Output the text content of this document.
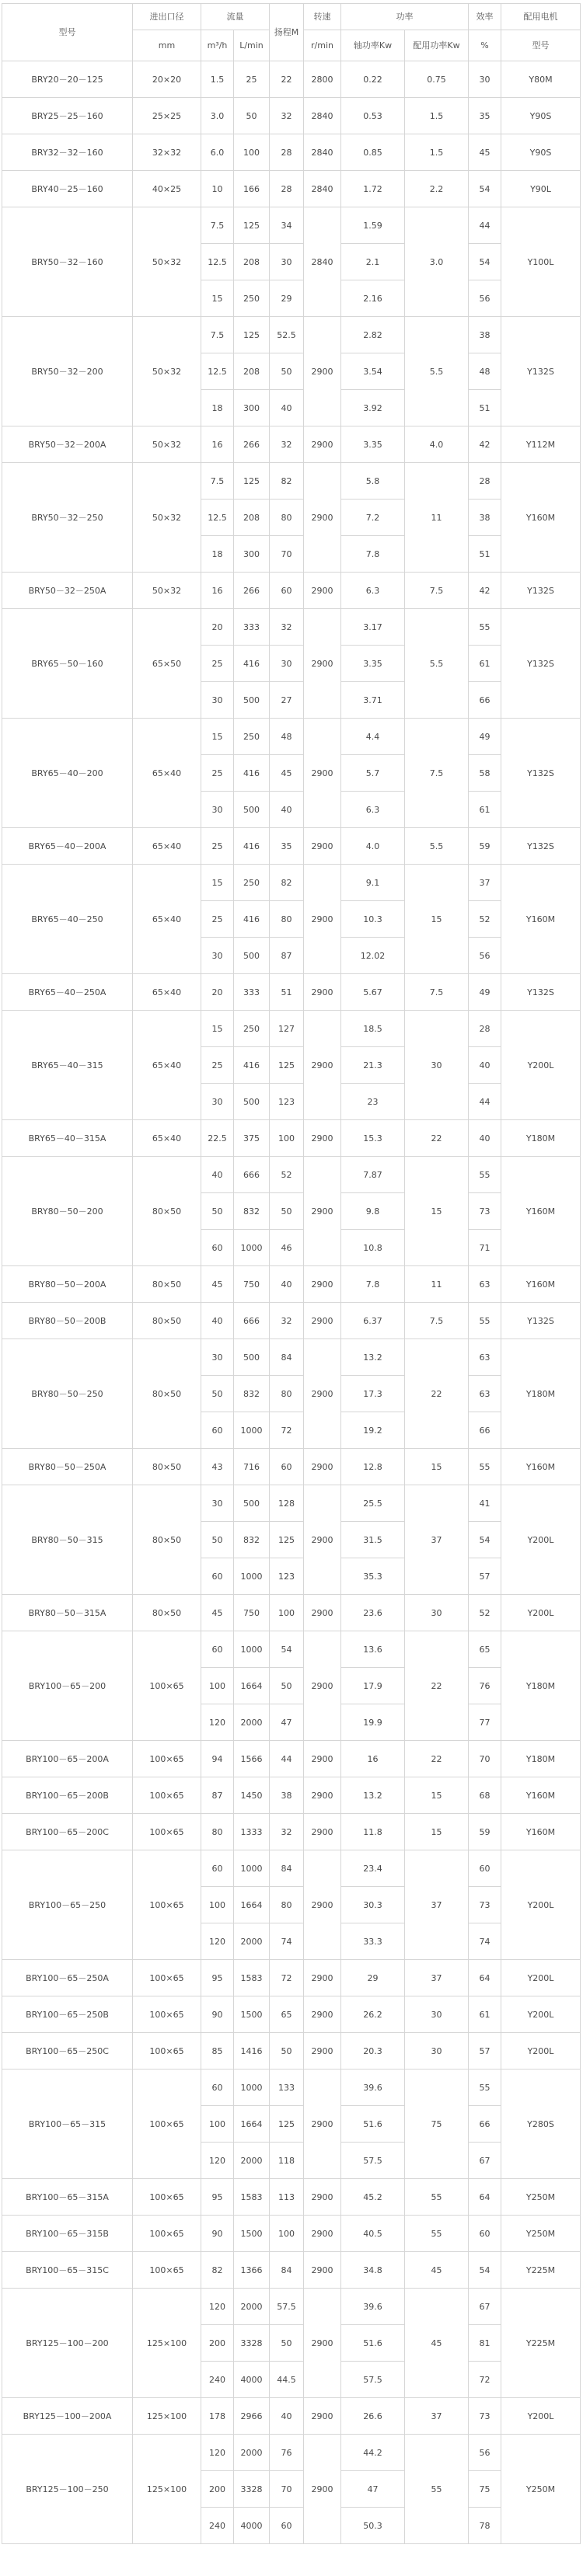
型号	进出口径	流量		扬程M	转速	功率		效率	配用电机
	mm	m³/h	L/min		r/min	轴功率Kw	配用功率Kw	%	型号
BRY20－20－125	20×20	1.5	25	22	2800	0.22	0.75	30	Y80M
BRY25－25－160	25×25	3.0	50	32	2840	0.53	1.5	35	Y90S
BRY32－32－160	32×32	6.0	100	28	2840	0.85	1.5	45	Y90S
BRY40－25－160	40×25	10	166	28	2840	1.72	2.2	54	Y90L
BRY50－32－160	50×32	7.5	125	34	2840	1.59	3.0	44	Y100L
		12.5	208	30		2.1		54	
		15	250	29		2.16		56	
BRY50－32－200	50×32	7.5	125	52.5	2900	2.82	5.5	38	Y132S
		12.5	208	50		3.54		48	
		18	300	40		3.92		51	
BRY50－32－200A	50×32	16	266	32	2900	3.35	4.0	42	Y112M
BRY50－32－250	50×32	7.5	125	82	2900	5.8	11	28	Y160M
		12.5	208	80		7.2		38	
		18	300	70		7.8		51	
BRY50－32－250A	50×32	16	266	60	2900	6.3	7.5	42	Y132S
BRY65－50－160	65×50	20	333	32	2900	3.17	5.5	55	Y132S
		25	416	30		3.35		61	
		30	500	27		3.71		66	
BRY65－40－200	65×40	15	250	48	2900	4.4	7.5	49	Y132S
		25	416	45		5.7		58	
		30	500	40		6.3		61	
BRY65－40－200A	65×40	25	416	35	2900	4.0	5.5	59	Y132S
BRY65－40－250	65×40	15	250	82	2900	9.1	15	37	Y160M
		25	416	80		10.3		52	
		30	500	87		12.02		56	
BRY65－40－250A	65×40	20	333	51	2900	5.67	7.5	49	Y132S
BRY65－40－315	65×40	15	250	127	2900	18.5	30	28	Y200L
		25	416	125		21.3		40	
		30	500	123		23		44	
BRY65－40－315A	65×40	22.5	375	100	2900	15.3	22	40	Y180M
BRY80－50－200	80×50	40	666	52	2900	7.87	15	55	Y160M
		50	832	50		9.8		73	
		60	1000	46		10.8		71	
BRY80－50－200A	80×50	45	750	40	2900	7.8	11	63	Y160M
BRY80－50－200B	80×50	40	666	32	2900	6.37	7.5	55	Y132S
BRY80－50－250	80×50	30	500	84	2900	13.2	22	63	Y180M
		50	832	80		17.3		63	
		60	1000	72		19.2		66	
BRY80－50－250A	80×50	43	716	60	2900	12.8	15	55	Y160M
BRY80－50－315	80×50	30	500	128	2900	25.5	37	41	Y200L
		50	832	125		31.5		54	
		60	1000	123		35.3		57	
BRY80－50－315A	80×50	45	750	100	2900	23.6	30	52	Y200L
BRY100－65－200	100×65	60	1000	54	2900	13.6	22	65	Y180M
		100	1664	50		17.9		76	
		120	2000	47		19.9		77	
BRY100－65－200A	100×65	94	1566	44	2900	16	22	70	Y180M
BRY100－65－200B	100×65	87	1450	38	2900	13.2	15	68	Y160M
BRY100－65－200C	100×65	80	1333	32	2900	11.8	15	59	Y160M
BRY100－65－250	100×65	60	1000	84	2900	23.4	37	60	Y200L
		100	1664	80		30.3		73	
		120	2000	74		33.3		74	
BRY100－65－250A	100×65	95	1583	72	2900	29	37	64	Y200L
BRY100－65－250B	100×65	90	1500	65	2900	26.2	30	61	Y200L
BRY100－65－250C	100×65	85	1416	50	2900	20.3	30	57	Y200L
BRY100－65－315	100×65	60	1000	133	2900	39.6	75	55	Y280S
		100	1664	125		51.6		66	
		120	2000	118		57.5		67	
BRY100－65－315A	100×65	95	1583	113	2900	45.2	55	64	Y250M
BRY100－65－315B	100×65	90	1500	100	2900	40.5	55	60	Y250M
BRY100－65－315C	100×65	82	1366	84	2900	34.8	45	54	Y225M
BRY125－100－200	125×100	120	2000	57.5	2900	39.6	45	67	Y225M
		200	3328	50		51.6		81	
		240	4000	44.5		57.5		72	
BRY125－100－200A	125×100	178	2966	40	2900	26.6	37	73	Y200L
BRY125－100－250	125×100	120	2000	76	2900	44.2	55	56	Y250M
		200	3328	70		47		75	
		240	4000	60		50.3		78	
